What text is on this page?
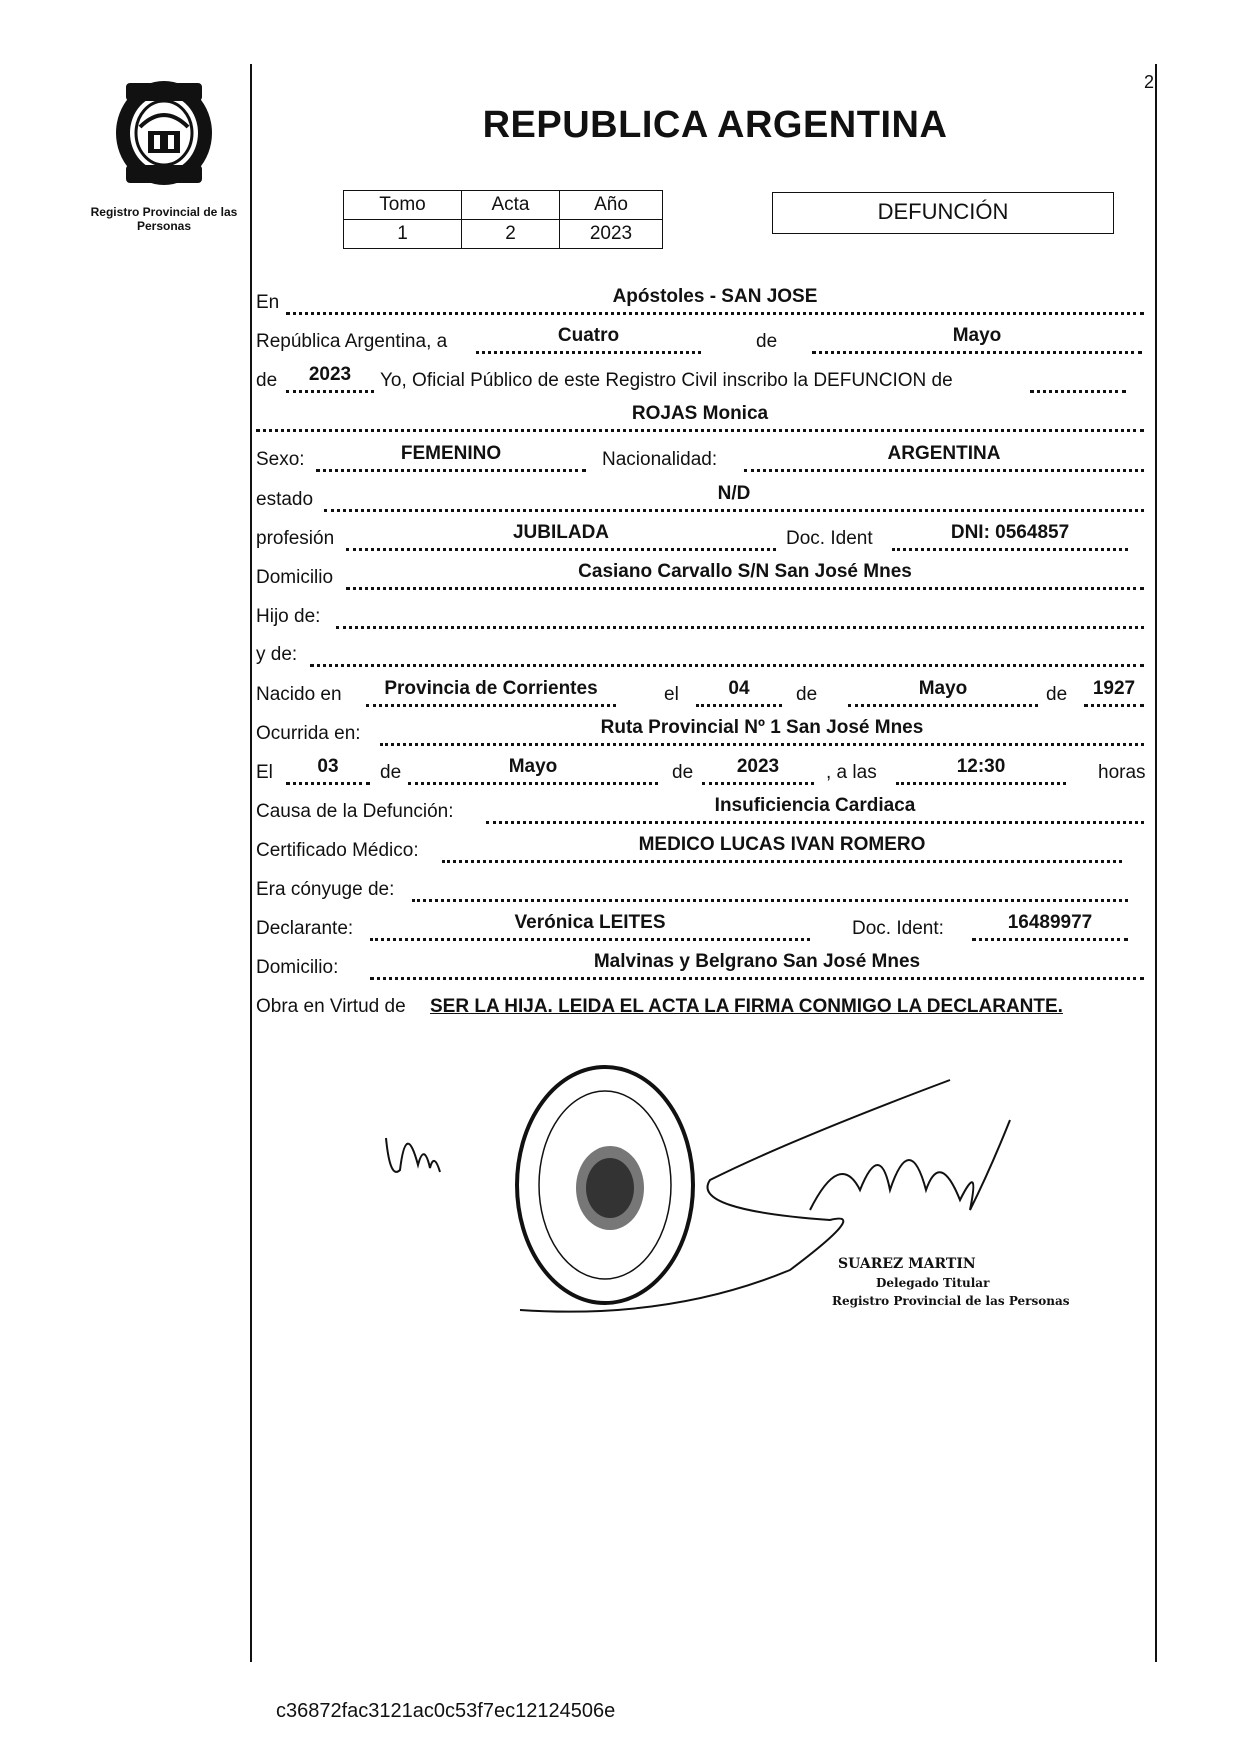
Registro Provincial de las Personas
2
REPUBLICA ARGENTINA
Tomo	Acta	Año
1	2	2023
DEFUNCIÓN
En	Apóstoles - SAN JOSE
República Argentina, a	Cuatro	de	Mayo
de	2023	Yo, Oficial Público de este Registro Civil inscribo la DEFUNCION de
ROJAS Monica
Sexo:	FEMENINO	Nacionalidad:	ARGENTINA
estado	N/D
profesión	JUBILADA	Doc. Ident	DNI: 0564857
Domicilio	Casiano Carvallo S/N San José Mnes
Hijo de:
y de:
Nacido en	Provincia de Corrientes	el	04	de	Mayo	de	1927
Ocurrida en:	Ruta Provincial Nº 1 San José Mnes
El	03	de	Mayo	de	2023	, a las	12:30	horas
Causa de la Defunción:	Insuficiencia Cardiaca
Certificado Médico:	MEDICO LUCAS IVAN ROMERO
Era cónyuge de:
Declarante:	Verónica LEITES	Doc. Ident:	16489977
Domicilio:	Malvinas y Belgrano San José Mnes
Obra en Virtud de SER LA HIJA. LEIDA EL ACTA LA FIRMA CONMIGO LA DECLARANTE.
SUAREZ MARTIN
Delegado Titular
Registro Provincial de las Personas
c36872fac3121ac0c53f7ec12124506e
